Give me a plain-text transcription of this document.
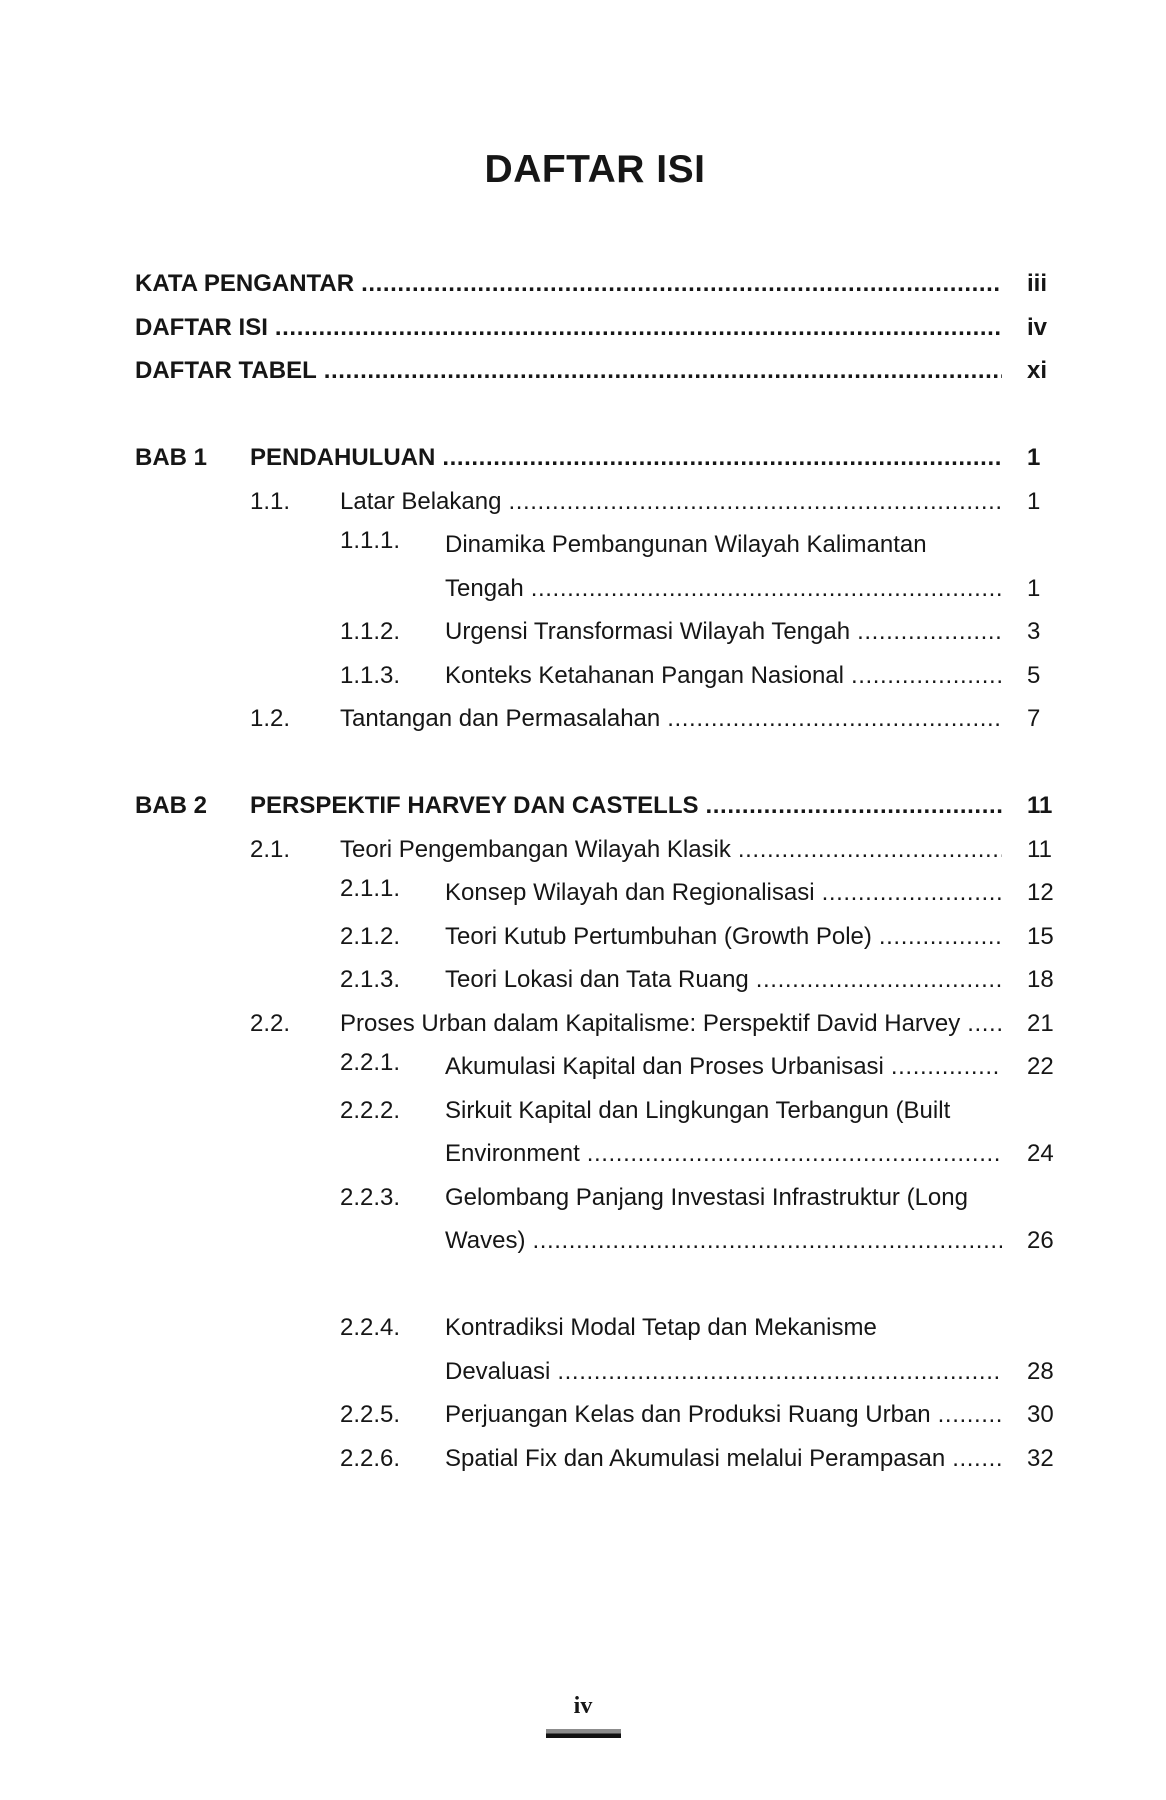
DAFTAR ISI
KATA PENGANTAR .....	iii
DAFTAR ISI .....	iv
DAFTAR TABEL .....	xi
BAB 1	PENDAHULUAN .....	1
1.1.	Latar Belakang .....	1
1.1.1.	Dinamika Pembangunan Wilayah Kalimantan
Tengah .....	1
1.1.2.	Urgensi Transformasi Wilayah Tengah .....	3
1.1.3.	Konteks Ketahanan Pangan Nasional .....	5
1.2.	Tantangan dan Permasalahan .....	7
BAB 2	PERSPEKTIF HARVEY DAN CASTELLS .....	11
2.1.	Teori Pengembangan Wilayah Klasik .....	11
2.1.1.	Konsep Wilayah dan Regionalisasi .....	12
2.1.2.	Teori Kutub Pertumbuhan (Growth Pole) .....	15
2.1.3.	Teori Lokasi dan Tata Ruang .....	18
2.2.	Proses Urban dalam Kapitalisme: Perspektif David Harvey .....	21
2.2.1.	Akumulasi Kapital dan Proses Urbanisasi .....	22
2.2.2.	Sirkuit Kapital dan Lingkungan Terbangun (Built
Environment .....	24
2.2.3.	Gelombang Panjang Investasi Infrastruktur (Long
Waves) .....	26
2.2.4.	Kontradiksi Modal Tetap dan Mekanisme
Devaluasi .....	28
2.2.5.	Perjuangan Kelas dan Produksi Ruang Urban .....	30
2.2.6.	Spatial Fix dan Akumulasi melalui Perampasan .....	32
iv
